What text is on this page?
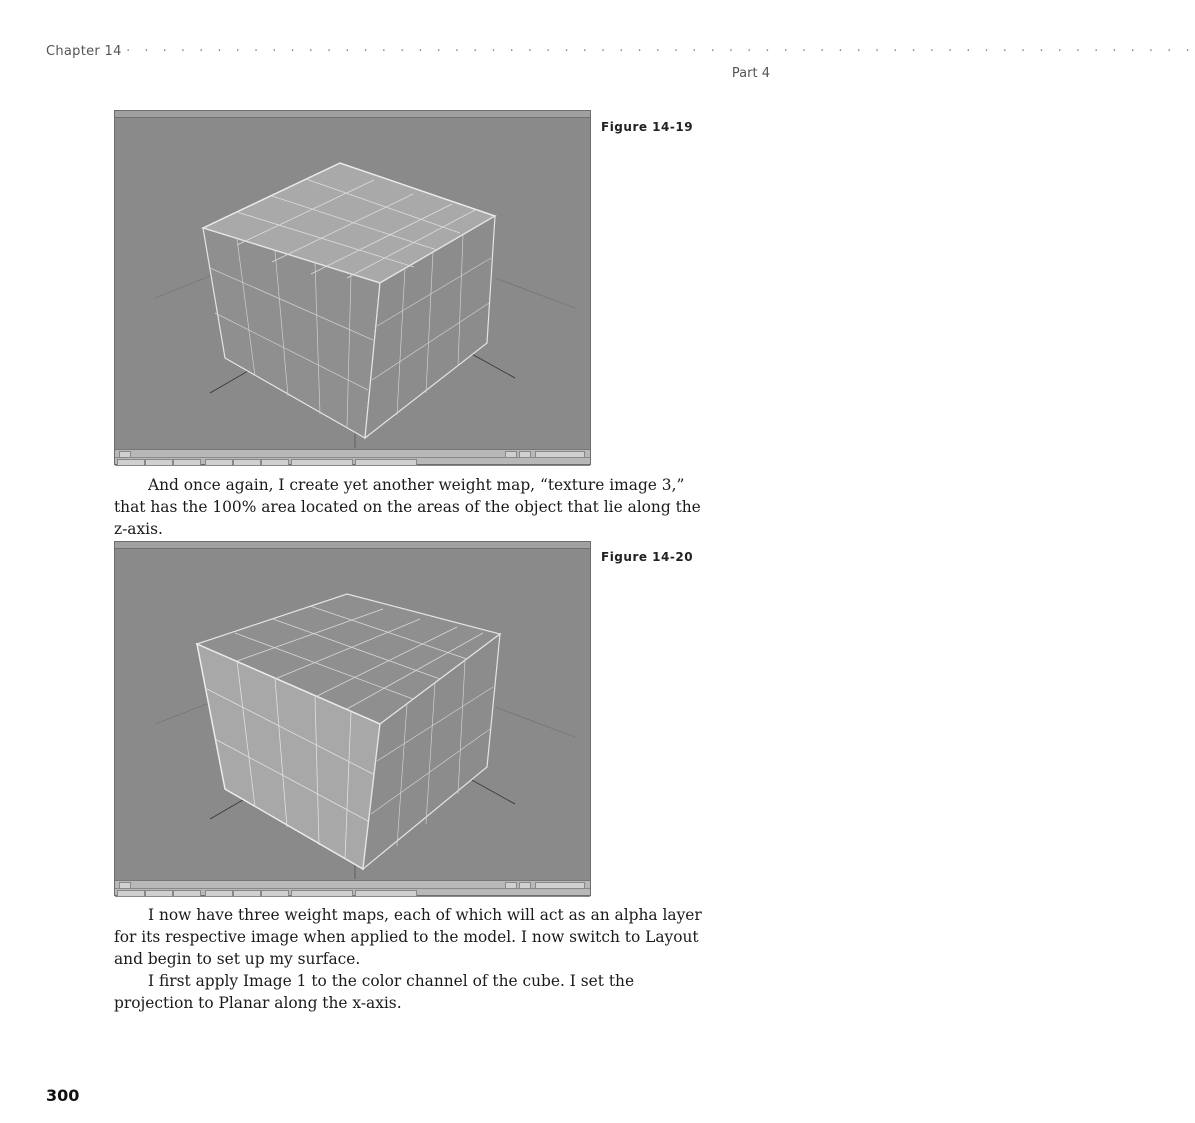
Chapter 14 · · · · · · · · · · · · · · · · · · · · · · · · · · · · · · · · · · · · · · · · · · · · · · · · · · · · · · · · · · ·
Part 4
Figure 14-19

And once again, I create yet another weight map, “texture image 3,” that has the 100% area located on the areas of the object that lie along the z-axis.

Figure 14-20

I now have three weight maps, each of which will act as an alpha layer for its respective image when applied to the model. I now switch to Layout and begin to set up my surface.

I first apply Image 1 to the color channel of the cube. I set the projection to Planar along the x-axis.

300
